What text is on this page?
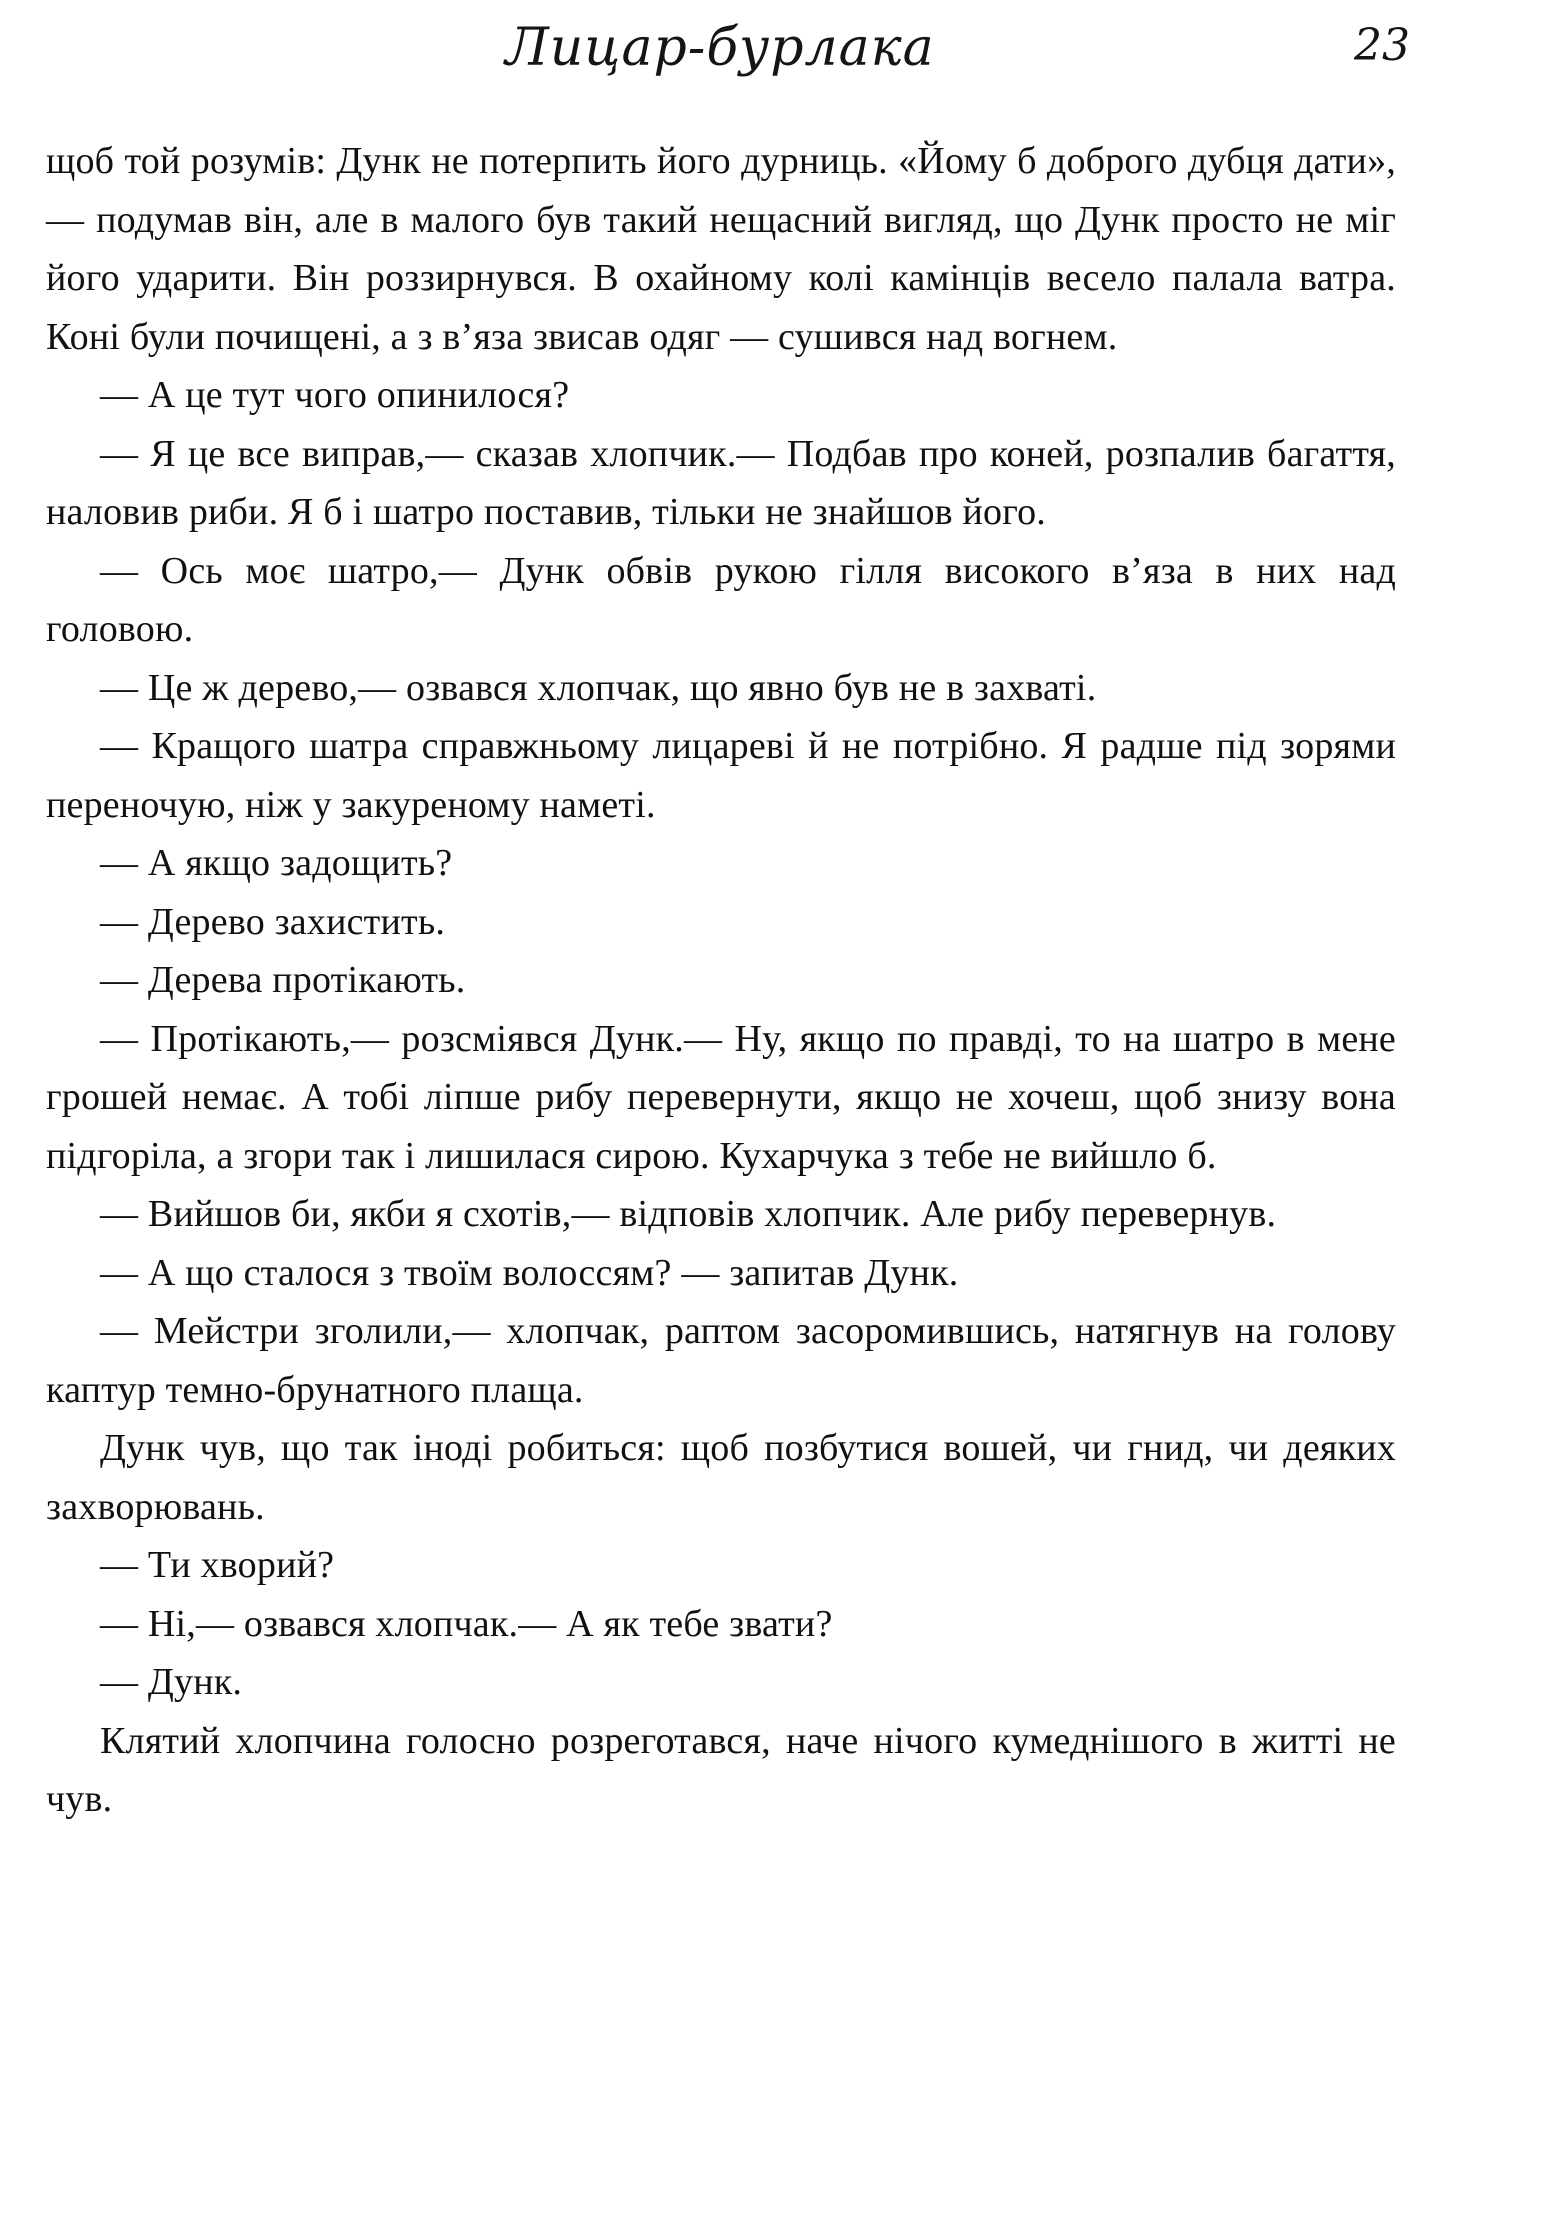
Лицар-бурлака	23

щоб той розумів: Дунк не потерпить його дурниць. «Йому б доброго дубця дати»,— подумав він, але в малого був такий нещасний вигляд, що Дунк просто не міг його ударити. Він роззирнувся. В охайному колі камінців весело палала ватра. Коні були почищені, а з в’яза звисав одяг — сушився над вогнем.

— А це тут чого опинилося?

— Я це все виправ,— сказав хлопчик.— Подбав про коней, розпалив багаття, наловив риби. Я б і шатро поставив, тільки не знайшов його.

— Ось моє шатро,— Дунк обвів рукою гілля високого в’яза в них над головою.

— Це ж дерево,— озвався хлопчак, що явно був не в захваті.

— Кращого шатра справжньому лицареві й не потрібно. Я радше під зорями переночую, ніж у закуреному наметі.

— А якщо задощить?

— Дерево захистить.

— Дерева протікають.

— Протікають,— розсміявся Дунк.— Ну, якщо по правді, то на шатро в мене грошей немає. А тобі ліпше рибу перевернути, якщо не хочеш, щоб знизу вона підгоріла, а згори так і лишилася сирою. Кухарчука з тебе не вийшло б.

— Вийшов би, якби я схотів,— відповів хлопчик. Але рибу перевернув.

— А що сталося з твоїм волоссям? — запитав Дунк.

— Мейстри зголили,— хлопчак, раптом засоромившись, натягнув на голову каптур темно-брунатного плаща.

Дунк чув, що так іноді робиться: щоб позбутися вошей, чи гнид, чи деяких захворювань.

— Ти хворий?

— Ні,— озвався хлопчак.— А як тебе звати?

— Дунк.

Клятий хлопчина голосно розреготався, наче нічого кумеднішого в житті не чув.
